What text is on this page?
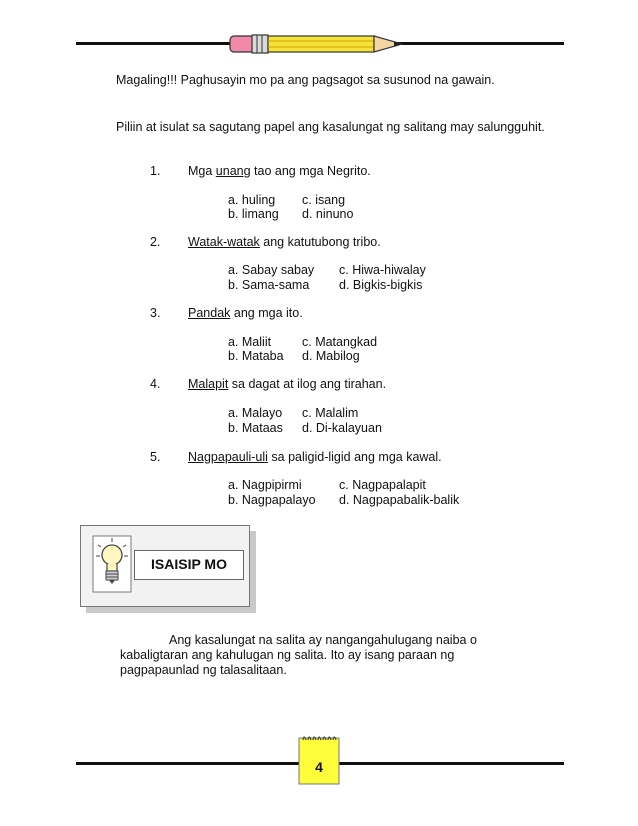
Magaling!!! Paghusayin mo pa ang pagsagot sa susunod na gawain.
Piliin at isulat sa sagutang papel ang kasalungat ng salitang may salungguhit.
1. Mga unang tao ang mga Negrito.
a. huling
b. limang
c. isang
d. ninuno
2. Watak-watak ang katutubong tribo.
a. Sabay sabay
b. Sama-sama
c. Hiwa-hiwalay
d. Bigkis-bigkis
3. Pandak ang mga ito.
a. Maliit
b. Mataba
c. Matangkad
d. Mabilog
4. Malapit sa dagat at ilog ang tirahan.
a. Malayo
b. Mataas
c. Malalim
d. Di-kalayuan
5. Nagpapauli-uli sa paligid-ligid ang mga kawal.
a. Nagpipirmi
b. Nagpapalayo
c. Nagpapalapit
d. Nagpapabalik-balik
ISAISIP MO
Ang kasalungat na salita ay nangangahulugang naiba o
kabaligtaran ang kahulugan ng salita. Ito ay isang paraan ng
pagpapaunlad ng talasalitaan.
4
